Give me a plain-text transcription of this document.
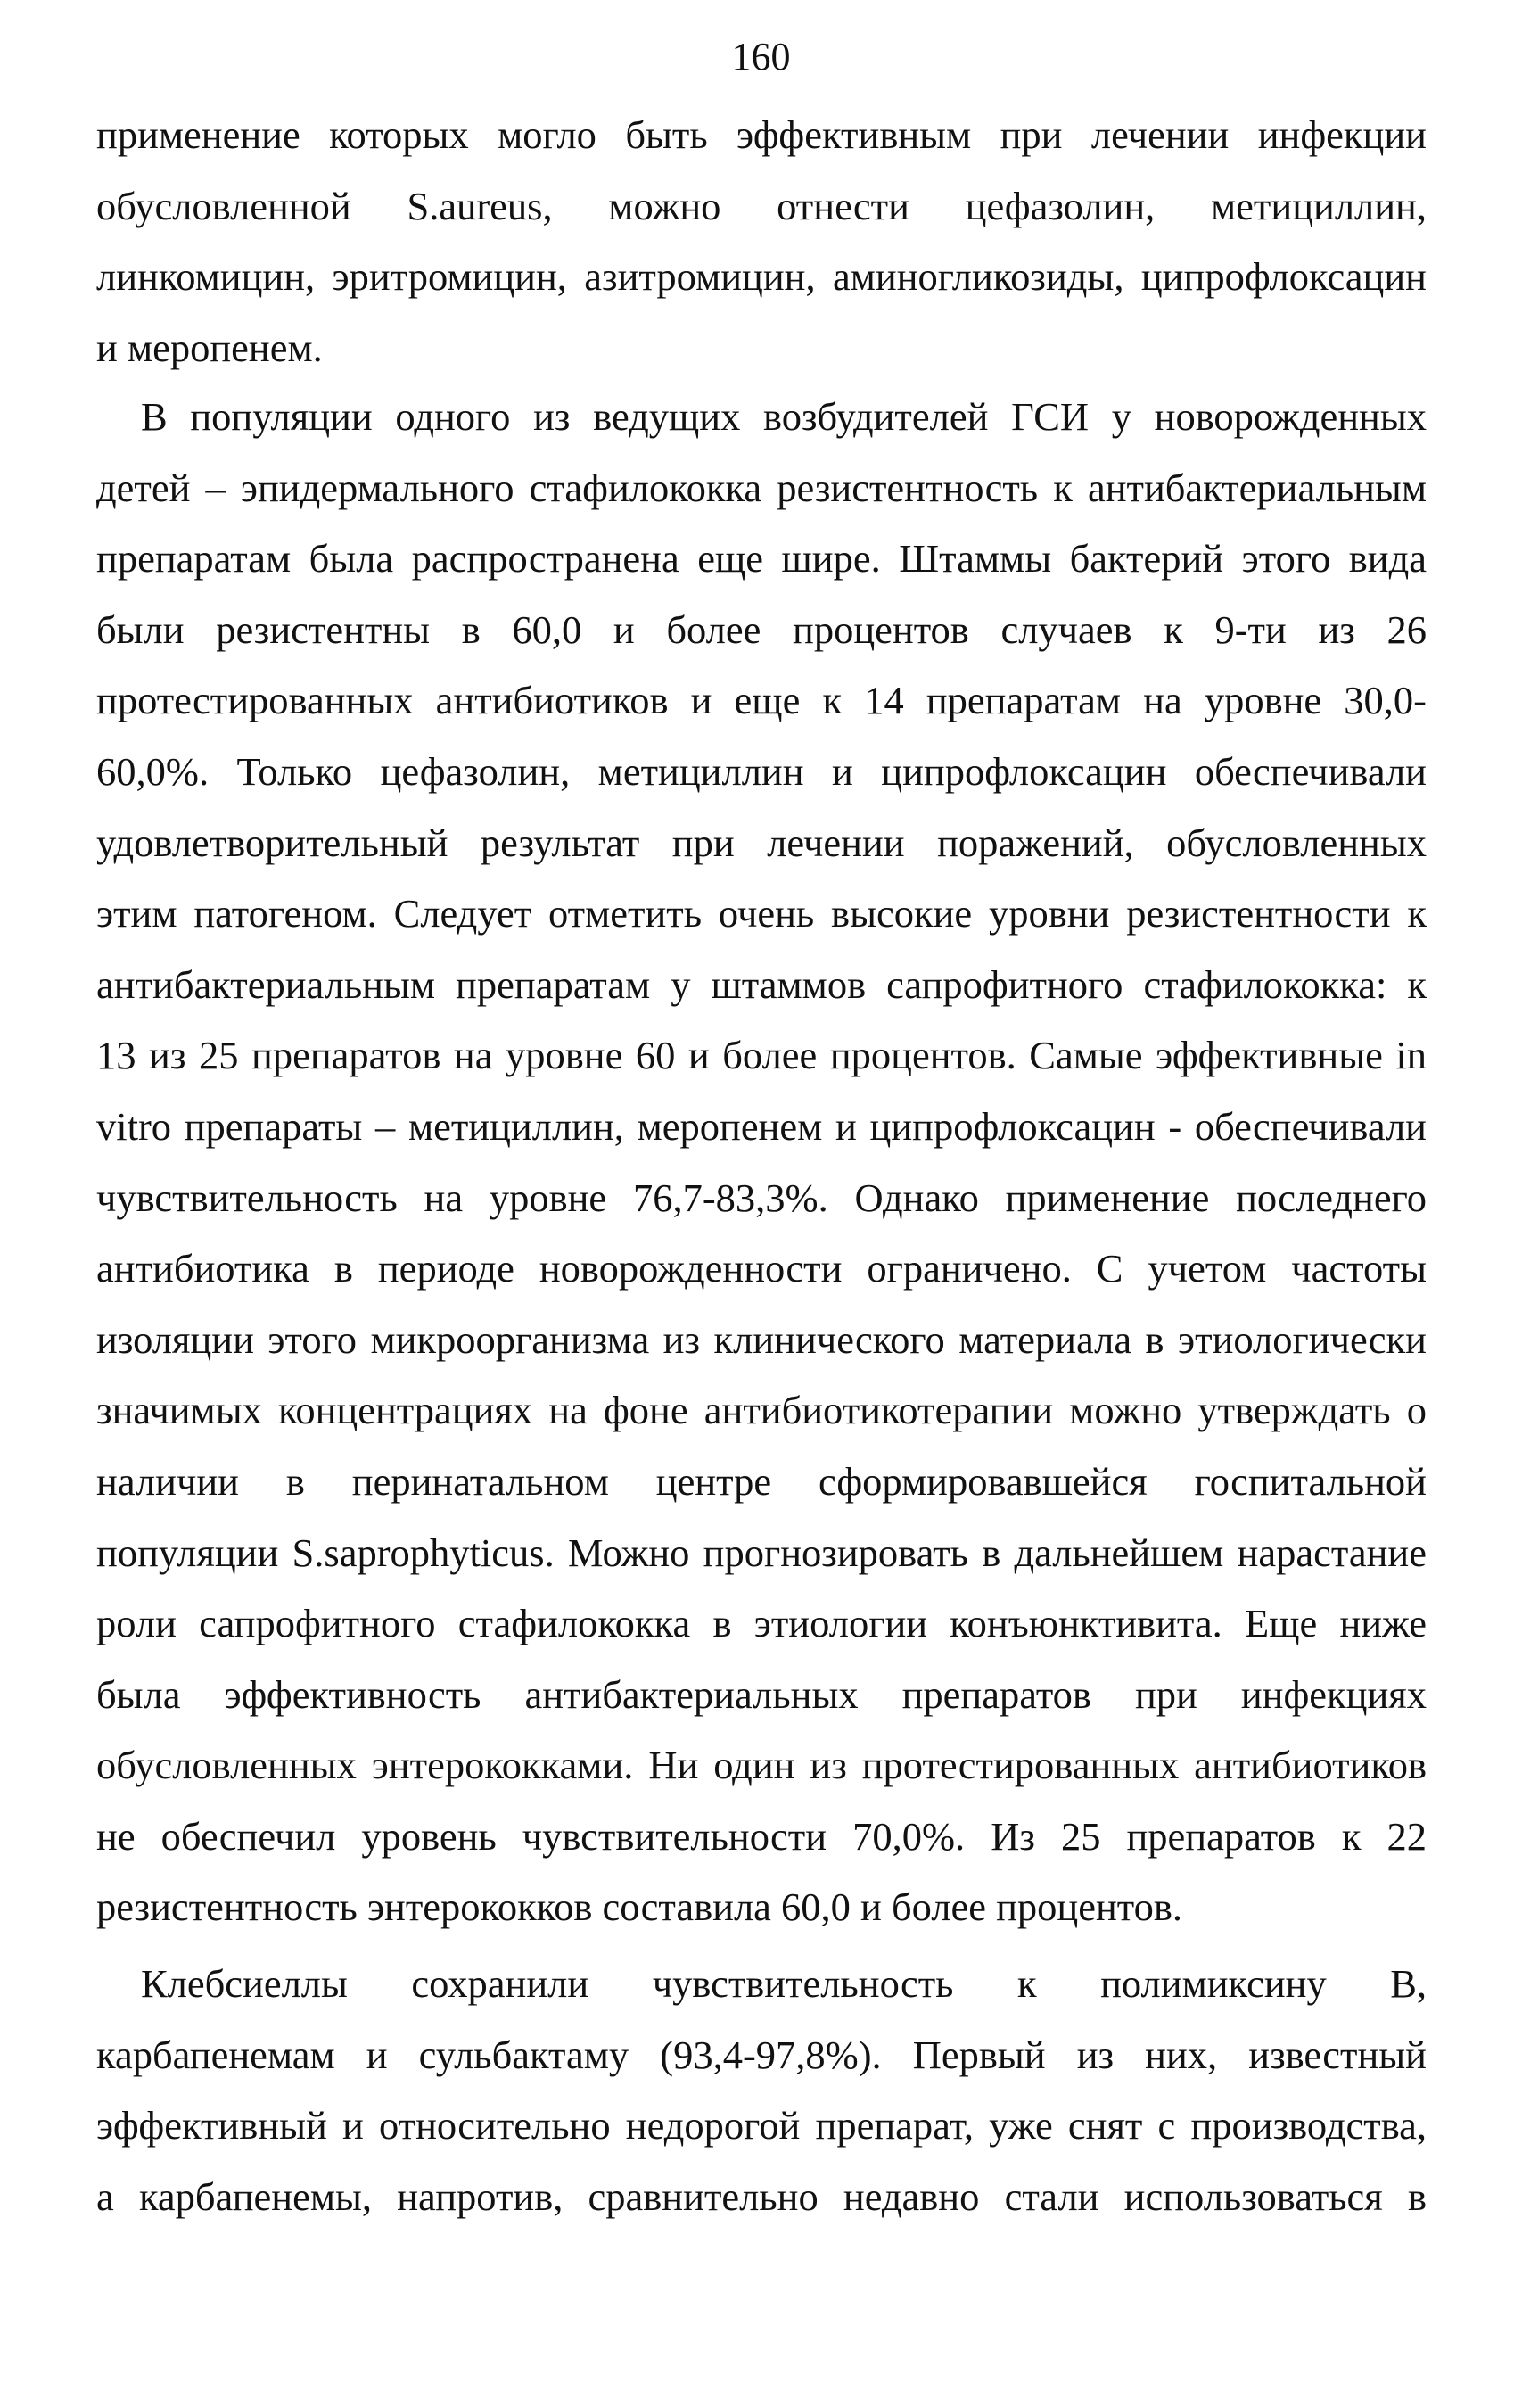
160
применение которых могло быть эффективным при лечении инфекции
обусловленной S.aureus, можно отнести цефазолин, метициллин,
линкомицин, эритромицин, азитромицин, аминогликозиды, ципрофлоксацин
и меропенем.
В популяции одного из ведущих возбудителей ГСИ у новорожденных
детей – эпидермального стафилококка резистентность к антибактериальным
препаратам была распространена еще шире. Штаммы бактерий этого вида
были резистентны в 60,0 и более процентов случаев к 9-ти из 26
протестированных антибиотиков и еще к 14 препаратам на уровне 30,0-
60,0%. Только цефазолин, метициллин и ципрофлоксацин обеспечивали
удовлетворительный результат при лечении поражений, обусловленных
этим патогеном. Следует отметить очень высокие уровни резистентности к
антибактериальным препаратам у штаммов сапрофитного стафилококка: к
13 из 25 препаратов на уровне 60 и более процентов. Самые эффективные in
vitro препараты – метициллин, меропенем и ципрофлоксацин - обеспечивали
чувствительность на уровне 76,7-83,3%. Однако применение последнего
антибиотика в периоде новорожденности ограничено. С учетом частоты
изоляции этого микроорганизма из клинического материала в этиологически
значимых концентрациях на фоне антибиотикотерапии можно утверждать о
наличии в перинатальном центре сформировавшейся госпитальной
популяции S.saprophyticus. Можно прогнозировать в дальнейшем нарастание
роли сапрофитного стафилококка в этиологии конъюнктивита. Еще ниже
была эффективность антибактериальных препаратов при инфекциях
обусловленных энтерококками. Ни один из протестированных антибиотиков
не обеспечил уровень чувствительности 70,0%. Из 25 препаратов к 22
резистентность энтерококков составила 60,0 и более процентов.
Клебсиеллы сохранили чувствительность к полимиксину В,
карбапенемам и сульбактаму (93,4-97,8%). Первый из них, известный
эффективный и относительно недорогой препарат, уже снят с производства,
а карбапенемы, напротив, сравнительно недавно стали использоваться в
